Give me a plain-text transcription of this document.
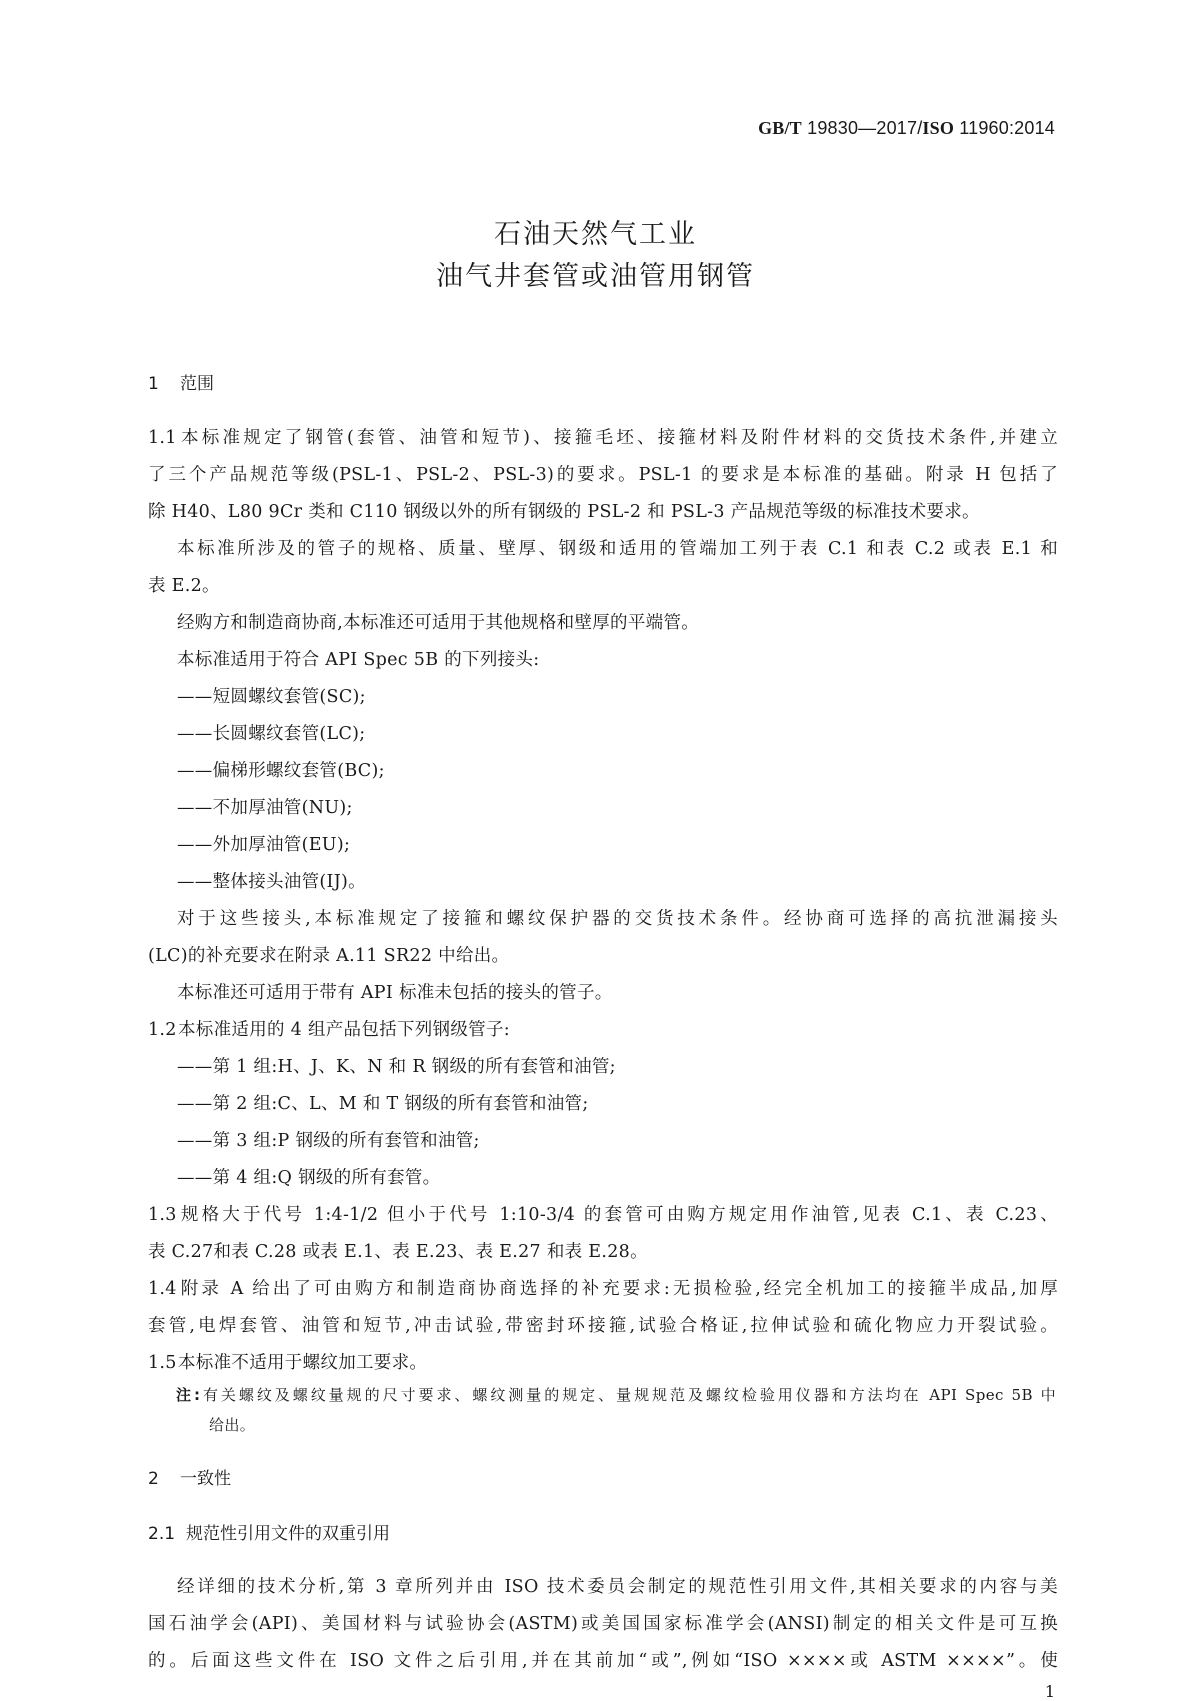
GB/T 19830—2017/ISO 11960:2014
石油天然气工业
油气井套管或油管用钢管
1 范围
1.1本标准规定了钢管(套管、油管和短节)、接箍毛坯、接箍材料及附件材料的交货技术条件,并建立
了三个产品规范等级(PSL-1、PSL-2、PSL-3)的要求。PSL-1 的要求是本标准的基础。附录 H 包括了
除 H40、L80 9Cr 类和 C110 钢级以外的所有钢级的 PSL-2 和 PSL-3 产品规范等级的标准技术要求。
本标准所涉及的管子的规格、质量、壁厚、钢级和适用的管端加工列于表 C.1 和表 C.2 或表 E.1 和
表 E.2。
经购方和制造商协商,本标准还可适用于其他规格和壁厚的平端管。
本标准适用于符合 API Spec 5B 的下列接头:
——短圆螺纹套管(SC);
——长圆螺纹套管(LC);
——偏梯形螺纹套管(BC);
——不加厚油管(NU);
——外加厚油管(EU);
——整体接头油管(IJ)。
对于这些接头,本标准规定了接箍和螺纹保护器的交货技术条件。经协商可选择的高抗泄漏接头
(LC)的补充要求在附录 A.11 SR22 中给出。
本标准还可适用于带有 API 标准未包括的接头的管子。
1.2本标准适用的 4 组产品包括下列钢级管子:
——第 1 组:H、J、K、N 和 R 钢级的所有套管和油管;
——第 2 组:C、L、M 和 T 钢级的所有套管和油管;
——第 3 组:P 钢级的所有套管和油管;
——第 4 组:Q 钢级的所有套管。
1.3规格大于代号 1:4-1/2 但小于代号 1:10-3/4 的套管可由购方规定用作油管,见表 C.1、表 C.23、
表 C.27和表 C.28 或表 E.1、表 E.23、表 E.27 和表 E.28。
1.4附录 A 给出了可由购方和制造商协商选择的补充要求:无损检验,经完全机加工的接箍半成品,加厚
套管,电焊套管、油管和短节,冲击试验,带密封环接箍,试验合格证,拉伸试验和硫化物应力开裂试验。
1.5本标准不适用于螺纹加工要求。
注:有关螺纹及螺纹量规的尺寸要求、螺纹测量的规定、量规规范及螺纹检验用仪器和方法均在 API Spec 5B 中
给出。
2 一致性
2.1 规范性引用文件的双重引用
经详细的技术分析,第 3 章所列并由 ISO 技术委员会制定的规范性引用文件,其相关要求的内容与美
国石油学会(API)、美国材料与试验协会(ASTM)或美国国家标准学会(ANSI)制定的相关文件是可互换
的。后面这些文件在 ISO 文件之后引用,并在其前加“或”,例如“ISO ××××或 ASTM ××××”。使
1
